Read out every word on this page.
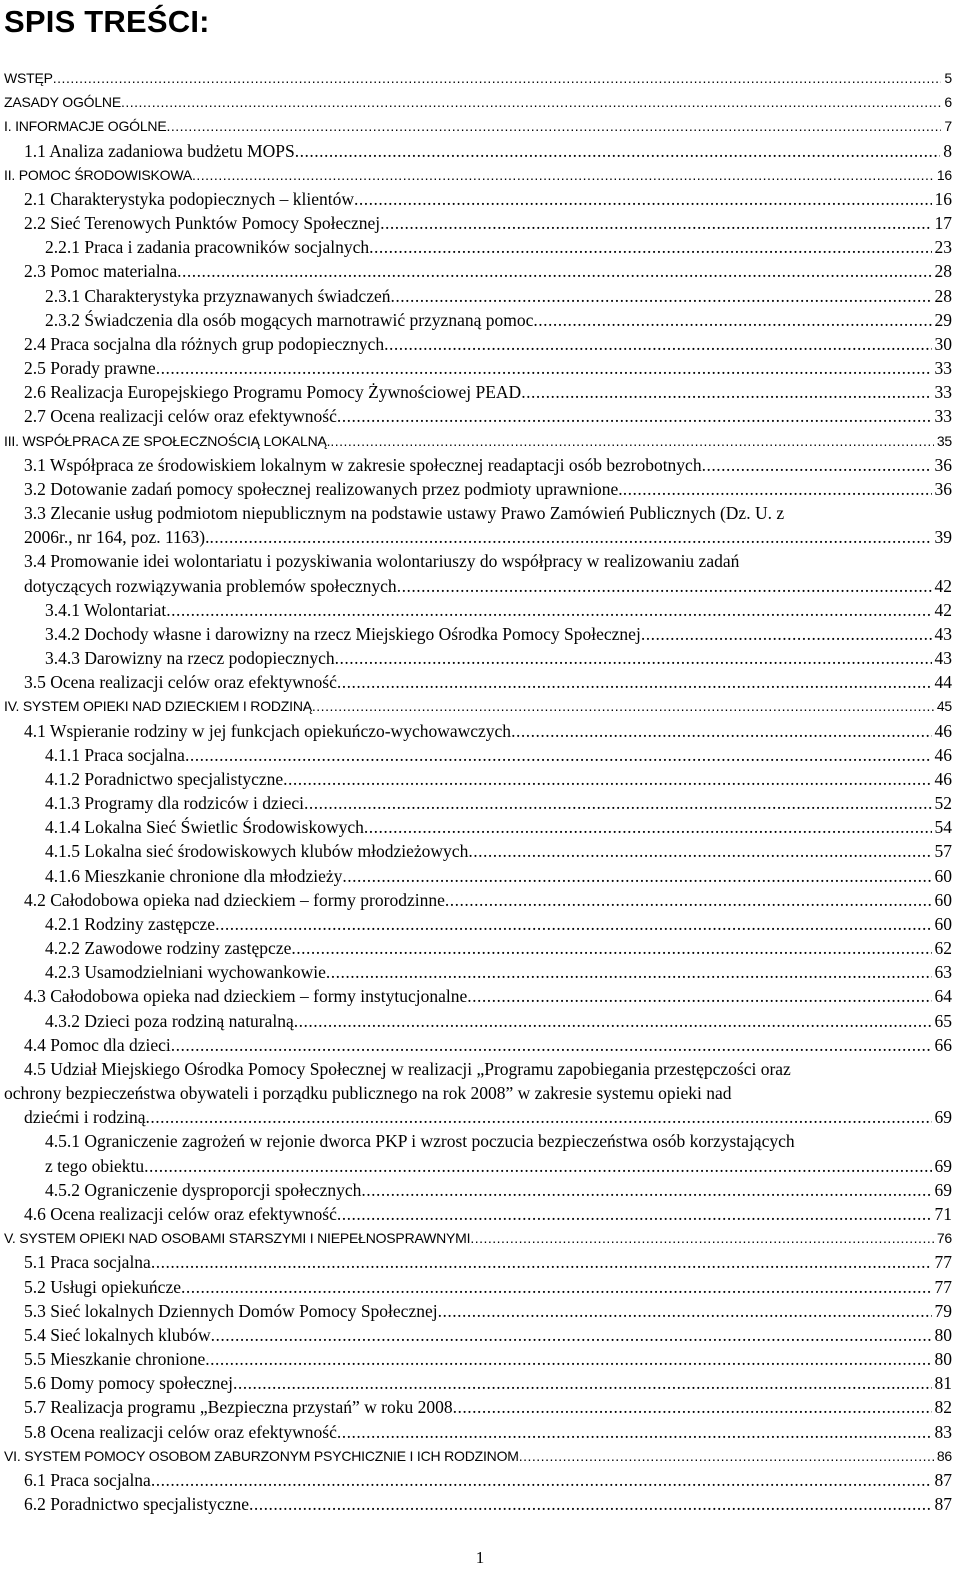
SPIS TREŚCI:
WSTĘP .....	5
ZASADY OGÓLNE .....	6
I. INFORMACJE OGÓLNE .....	7
1.1 Analiza zadaniowa budżetu MOPS .....	8
II. POMOC ŚRODOWISKOWA .....	16
2.1 Charakterystyka podopiecznych – klientów .....	16
2.2 Sieć Terenowych Punktów Pomocy Społecznej .....	17
2.2.1 Praca i zadania pracowników socjalnych .....	23
2.3 Pomoc materialna .....	28
2.3.1 Charakterystyka przyznawanych świadczeń .....	28
2.3.2 Świadczenia dla osób mogących marnotrawić przyznaną pomoc .....	29
2.4 Praca socjalna dla różnych grup podopiecznych .....	30
2.5 Porady prawne .....	33
2.6 Realizacja Europejskiego Programu Pomocy Żywnościowej PEAD .....	33
2.7 Ocena realizacji celów oraz efektywność .....	33
III. WSPÓŁPRACA ZE SPOŁECZNOŚCIĄ LOKALNĄ. .....	35
3.1 Współpraca ze środowiskiem lokalnym w zakresie społecznej readaptacji osób bezrobotnych .....	36
3.2 Dotowanie zadań pomocy społecznej realizowanych przez podmioty uprawnione. .....	36
3.3 Zlecanie usług podmiotom niepublicznym na podstawie ustawy Prawo Zamówień Publicznych (Dz. U. z
2006r., nr 164, poz. 1163). .....	39
3.4 Promowanie idei wolontariatu i pozyskiwania wolontariuszy do współpracy w realizowaniu zadań
dotyczących rozwiązywania problemów społecznych .....	42
3.4.1 Wolontariat .....	42
3.4.2 Dochody własne i darowizny na rzecz Miejskiego Ośrodka Pomocy Społecznej .....	43
3.4.3 Darowizny na rzecz podopiecznych .....	43
3.5 Ocena realizacji celów oraz efektywność .....	44
IV. SYSTEM OPIEKI NAD DZIECKIEM I RODZINĄ .....	45
4.1 Wspieranie rodziny w jej funkcjach opiekuńczo-wychowawczych .....	46
4.1.1 Praca socjalna .....	46
4.1.2 Poradnictwo specjalistyczne .....	46
4.1.3 Programy dla rodziców i dzieci .....	52
4.1.4 Lokalna Sieć Świetlic Środowiskowych .....	54
4.1.5 Lokalna sieć środowiskowych klubów młodzieżowych .....	57
4.1.6 Mieszkanie chronione dla młodzieży .....	60
4.2 Całodobowa opieka nad dzieckiem – formy prorodzinne .....	60
4.2.1 Rodziny zastępcze .....	60
4.2.2 Zawodowe rodziny zastępcze .....	62
4.2.3 Usamodzielniani wychowankowie .....	63
4.3 Całodobowa opieka nad dzieckiem – formy instytucjonalne .....	64
4.3.2 Dzieci poza rodziną naturalną .....	65
4.4 Pomoc dla dzieci .....	66
4.5 Udział Miejskiego Ośrodka Pomocy Społecznej w realizacji „Programu zapobiegania przestępczości oraz
ochrony bezpieczeństwa obywateli i porządku publicznego na rok 2008” w zakresie systemu opieki nad
dziećmi i rodziną .....	69
4.5.1 Ograniczenie zagrożeń w rejonie dworca PKP i wzrost poczucia bezpieczeństwa osób korzystających
z tego obiektu .....	69
4.5.2 Ograniczenie dysproporcji społecznych .....	69
4.6 Ocena realizacji celów oraz efektywność .....	71
V. SYSTEM OPIEKI NAD OSOBAMI STARSZYMI I NIEPEŁNOSPRAWNYMI .....	76
5.1 Praca socjalna .....	77
5.2 Usługi opiekuńcze .....	77
5.3 Sieć lokalnych Dziennych Domów Pomocy Społecznej .....	79
5.4 Sieć lokalnych klubów .....	80
5.5 Mieszkanie chronione .....	80
5.6 Domy pomocy społecznej .....	81
5.7 Realizacja programu „Bezpieczna przystań” w roku 2008 .....	82
5.8 Ocena realizacji celów oraz efektywność .....	83
VI. SYSTEM POMOCY OSOBOM ZABURZONYM PSYCHICZNIE I ICH RODZINOM .....	86
6.1 Praca socjalna .....	87
6.2 Poradnictwo specjalistyczne .....	87
1
